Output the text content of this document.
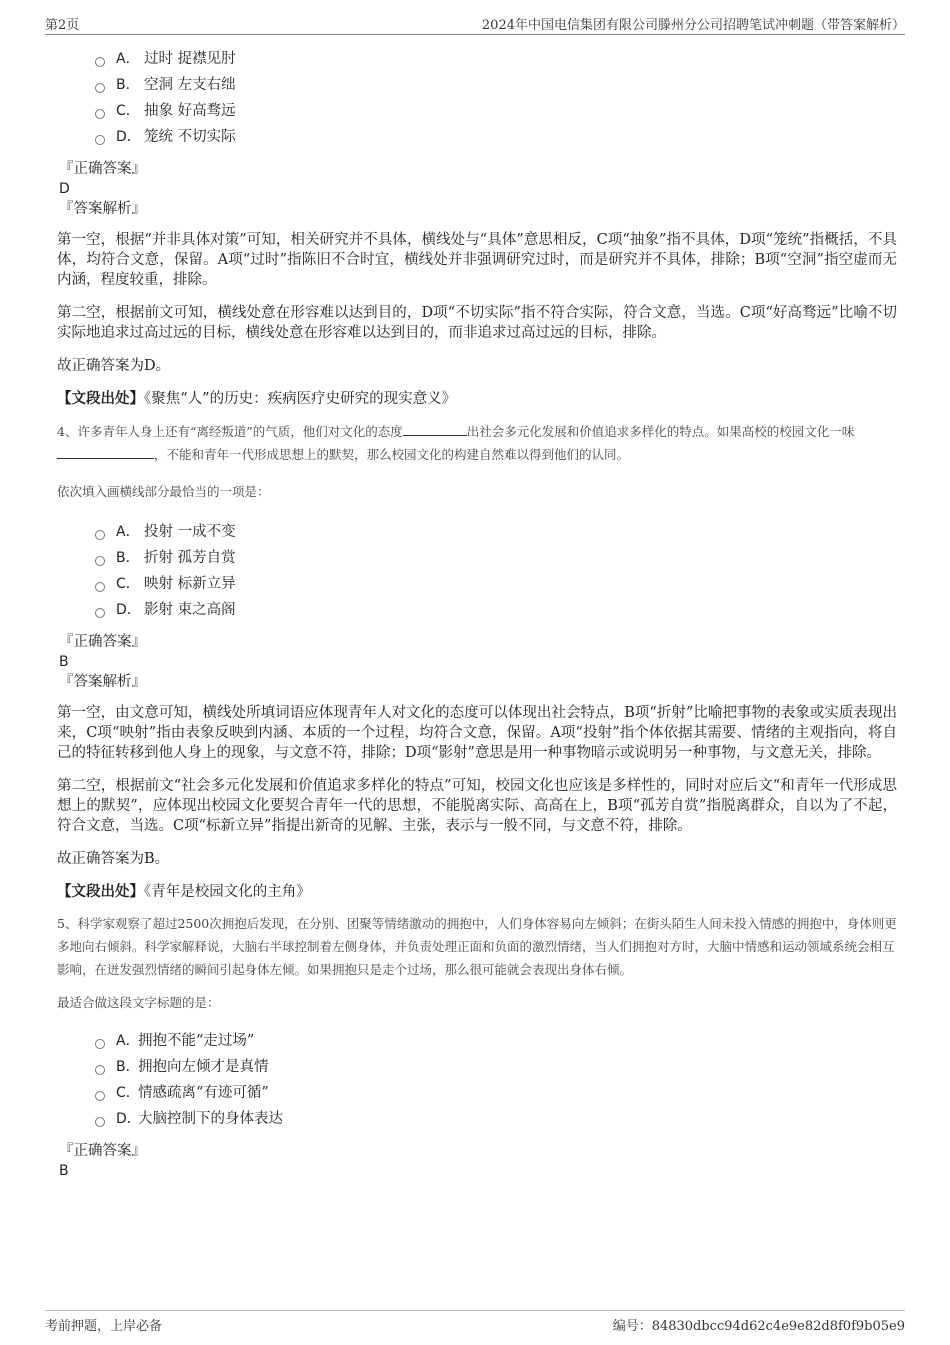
第2页	2024年中国电信集团有限公司滕州分公司招聘笔试冲刺题（带答案解析）
A． 过时 捉襟见肘
B． 空洞 左支右绌
C． 抽象 好高骛远
D． 笼统 不切实际
『正确答案』
D
『答案解析』

第一空，根据“并非具体对策”可知，相关研究并不具体，横线处与“具体”意思相反，C项“抽象”指不具体，D项“笼统”指概括，不具体，均符合文意，保留。A项“过时”指陈旧不合时宜，横线处并非强调研究过时，而是研究并不具体，排除；B项“空洞”指空虚而无内涵，程度较重，排除。

第二空，根据前文可知，横线处意在形容难以达到目的，D项“不切实际”指不符合实际，符合文意，当选。C项“好高骛远”比喻不切实际地追求过高过远的目标，横线处意在形容难以达到目的，而非追求过高过远的目标，排除。

故正确答案为D。

【文段出处】《聚焦“人”的历史：疾病医疗史研究的现实意义》

4、许多青年人身上还有“离经叛道”的气质，他们对文化的态度	出社会多元化发展和价值追求多样化的特点。如果高校的校园文化一味，不能和青年一代形成思想上的默契，那么校园文化的构建自然难以得到他们的认同。

依次填入画横线部分最恰当的一项是：

A． 投射 一成不变
B． 折射 孤芳自赏
C． 映射 标新立异
D． 影射 束之高阁
『正确答案』
B
『答案解析』

第一空，由文意可知，横线处所填词语应体现青年人对文化的态度可以体现出社会特点，B项“折射”比喻把事物的表象或实质表现出来，C项“映射”指由表象反映到内涵、本质的一个过程，均符合文意，保留。A项“投射”指个体依据其需要、情绪的主观指向，将自己的特征转移到他人身上的现象，与文意不符，排除；D项“影射”意思是用一种事物暗示或说明另一种事物，与文意无关，排除。

第二空，根据前文“社会多元化发展和价值追求多样化的特点”可知，校园文化也应该是多样性的，同时对应后文“和青年一代形成思想上的默契”，应体现出校园文化要契合青年一代的思想，不能脱离实际、高高在上，B项“孤芳自赏”指脱离群众，自以为了不起，符合文意，当选。C项“标新立异”指提出新奇的见解、主张，表示与一般不同，与文意不符，排除。

故正确答案为B。

【文段出处】《青年是校园文化的主角》

5、科学家观察了超过2500次拥抱后发现，在分别、团聚等情绪激动的拥抱中，人们身体容易向左倾斜；在街头陌生人间未投入情感的拥抱中，身体则更多地向右倾斜。科学家解释说，大脑右半球控制着左侧身体，并负责处理正面和负面的激烈情绪，当人们拥抱对方时，大脑中情感和运动领域系统会相互影响，在迸发强烈情绪的瞬间引起身体左倾。如果拥抱只是走个过场，那么很可能就会表现出身体右倾。

最适合做这段文字标题的是：

A．
拥抱不能“走过场”
B．
拥抱向左倾才是真情
C．
情感疏离“有迹可循”
D．
大脑控制下的身体表达
『正确答案』
B
考前押题，上岸必备	编号：84830dbcc94d62c4e9e82d8f0f9b05e9
